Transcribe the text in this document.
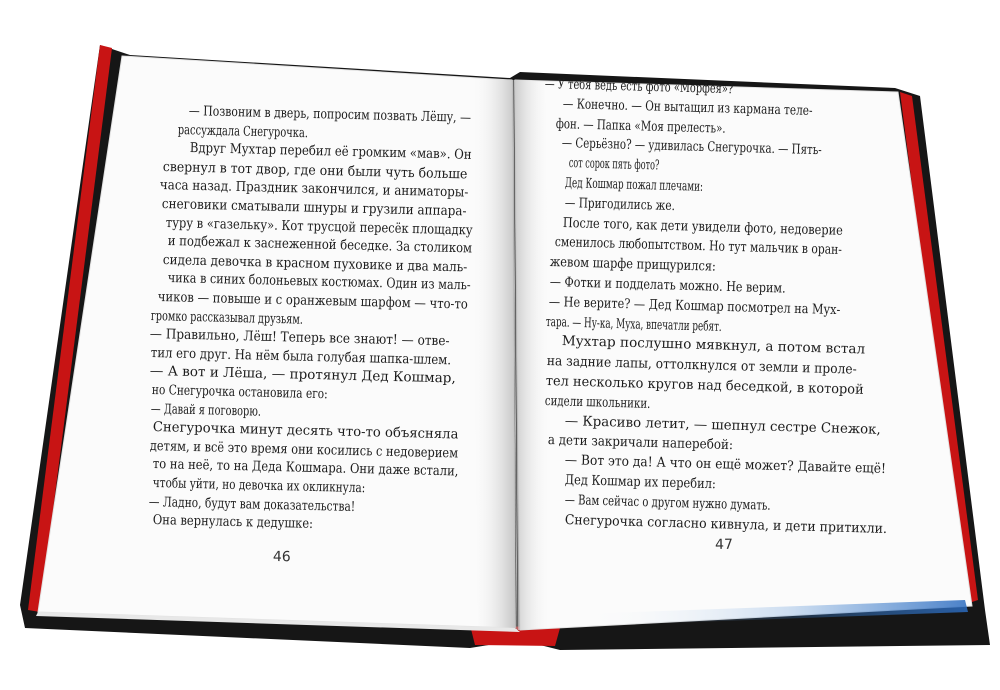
— Позвоним в дверь, попросим позвать Лёшу, —
рассуждала Снегурочка.
Вдруг Мухтар перебил её громким «мав». Он
свернул в тот двор, где они были чуть больше
часа назад. Праздник закончился, и аниматоры-
снеговики сматывали шнуры и грузили аппара-
туру в «газельку». Кот трусцой пересёк площадку
и подбежал к заснеженной беседке. За столиком
сидела девочка в красном пуховике и два маль-
чика в синих болоньевых костюмах. Один из маль-
чиков — повыше и с оранжевым шарфом — что-то
громко рассказывал друзьям.
— Правильно, Лёш! Теперь все знают! — отве-
тил его друг. На нём была голубая шапка-шлем.
— А вот и Лёша, — протянул Дед Кошмар,
но Снегурочка остановила его:
— Давай я поговорю.
Снегурочка минут десять что-то объясняла
детям, и всё это время они косились с недоверием
то на неё, то на Деда Кошмара. Они даже встали,
чтобы уйти, но девочка их окликнула:
— Ладно, будут вам доказательства!
Она вернулась к дедушке:
— У тебя ведь есть фото «Морфея»?
— Конечно. — Он вытащил из кармана теле-
фон. — Папка «Моя прелесть».
— Серьёзно? — удивилась Снегурочка. — Пять-
сот сорок пять фото?
Дед Кошмар пожал плечами:
— Пригодились же.
После того, как дети увидели фото, недоверие
сменилось любопытством. Но тут мальчик в оран-
жевом шарфе прищурился:
— Фотки и подделать можно. Не верим.
— Не верите? — Дед Кошмар посмотрел на Мух-
тара. — Ну-ка, Муха, впечатли ребят.
Мухтар послушно мявкнул, а потом встал
на задние лапы, оттолкнулся от земли и проле-
тел несколько кругов над беседкой, в которой
сидели школьники.
— Красиво летит, — шепнул сестре Снежок,
а дети закричали наперебой:
— Вот это да! А что он ещё может? Давайте ещё!
Дед Кошмар их перебил:
— Вам сейчас о другом нужно думать.
Снегурочка согласно кивнула, и дети притихли.
46
47
